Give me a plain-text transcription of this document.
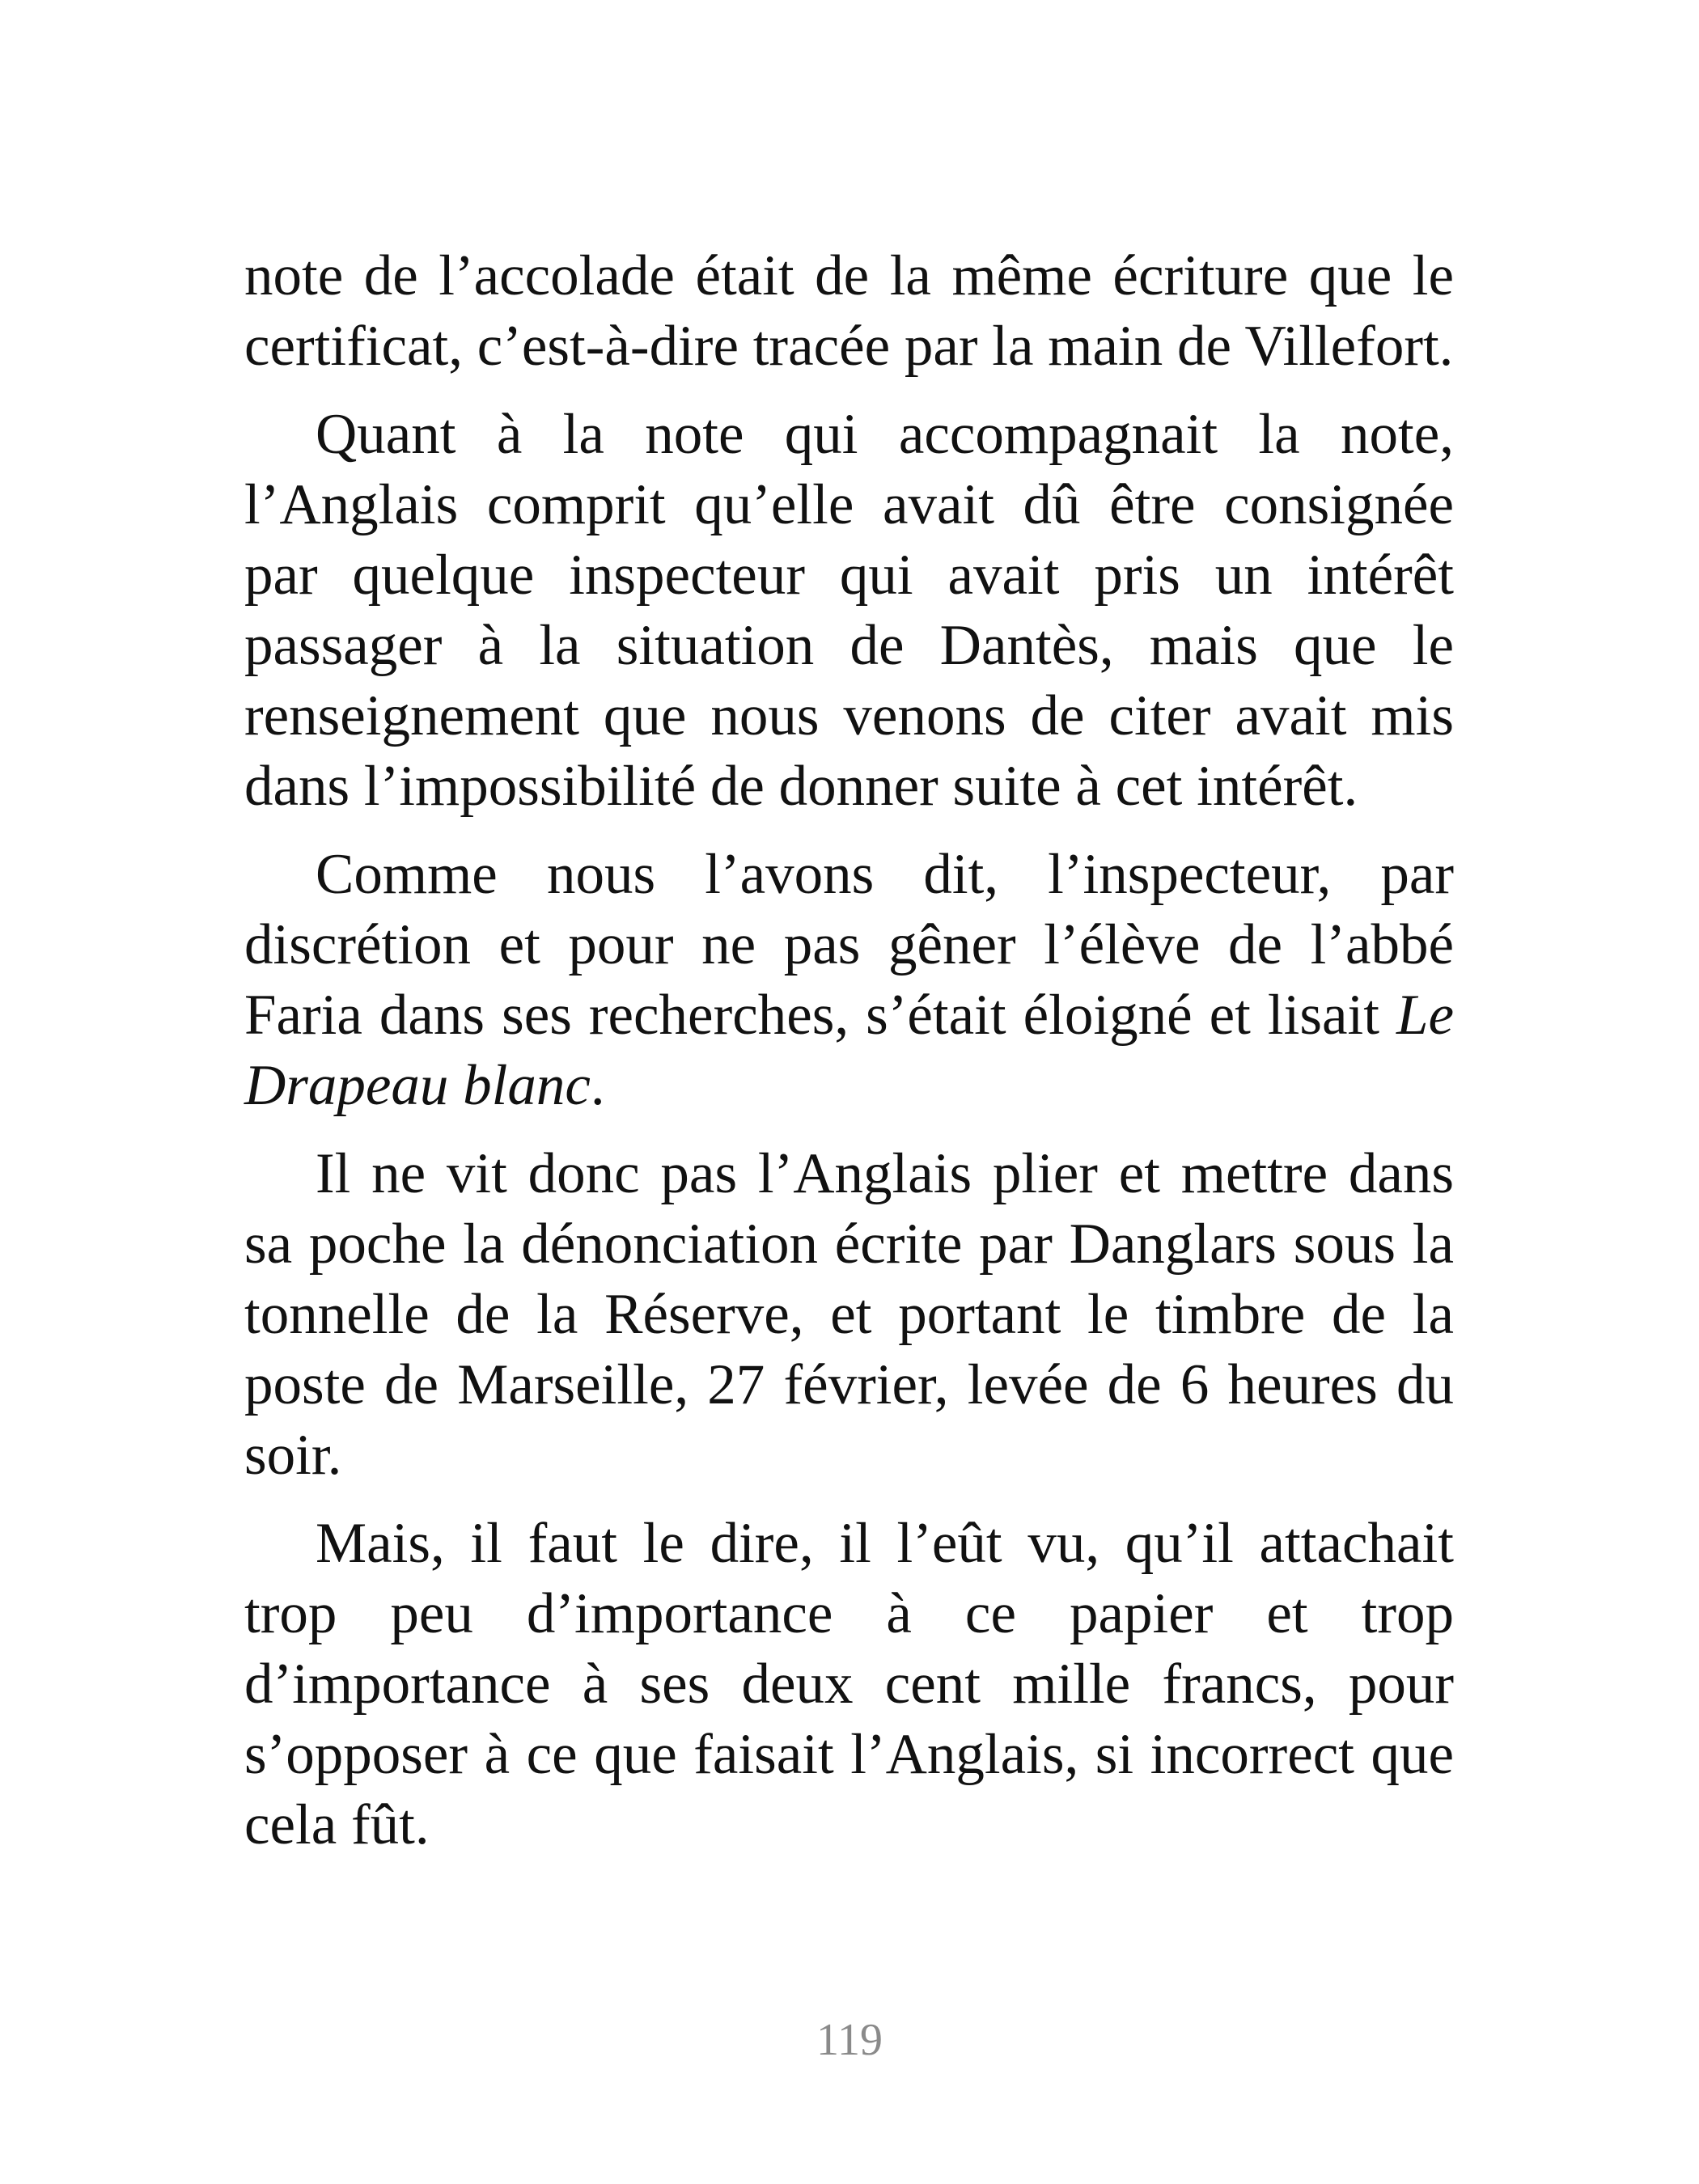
note de l’accolade était de la même écriture que le certificat, c’est-à-dire tracée par la main de Villefort.

Quant à la note qui accompagnait la note, l’Anglais comprit qu’elle avait dû être consignée par quelque inspecteur qui avait pris un intérêt passager à la situation de Dantès, mais que le renseignement que nous venons de citer avait mis dans l’impossibilité de donner suite à cet intérêt.

Comme nous l’avons dit, l’inspecteur, par discrétion et pour ne pas gêner l’élève de l’abbé Faria dans ses recherches, s’était éloigné et lisait Le Drapeau blanc.

Il ne vit donc pas l’Anglais plier et mettre dans sa poche la dénonciation écrite par Danglars sous la tonnelle de la Réserve, et portant le timbre de la poste de Marseille, 27 février, levée de 6 heures du soir.

Mais, il faut le dire, il l’eût vu, qu’il attachait trop peu d’importance à ce papier et trop d’importance à ses deux cent mille francs, pour s’opposer à ce que faisait l’Anglais, si incorrect que cela fût.

119
